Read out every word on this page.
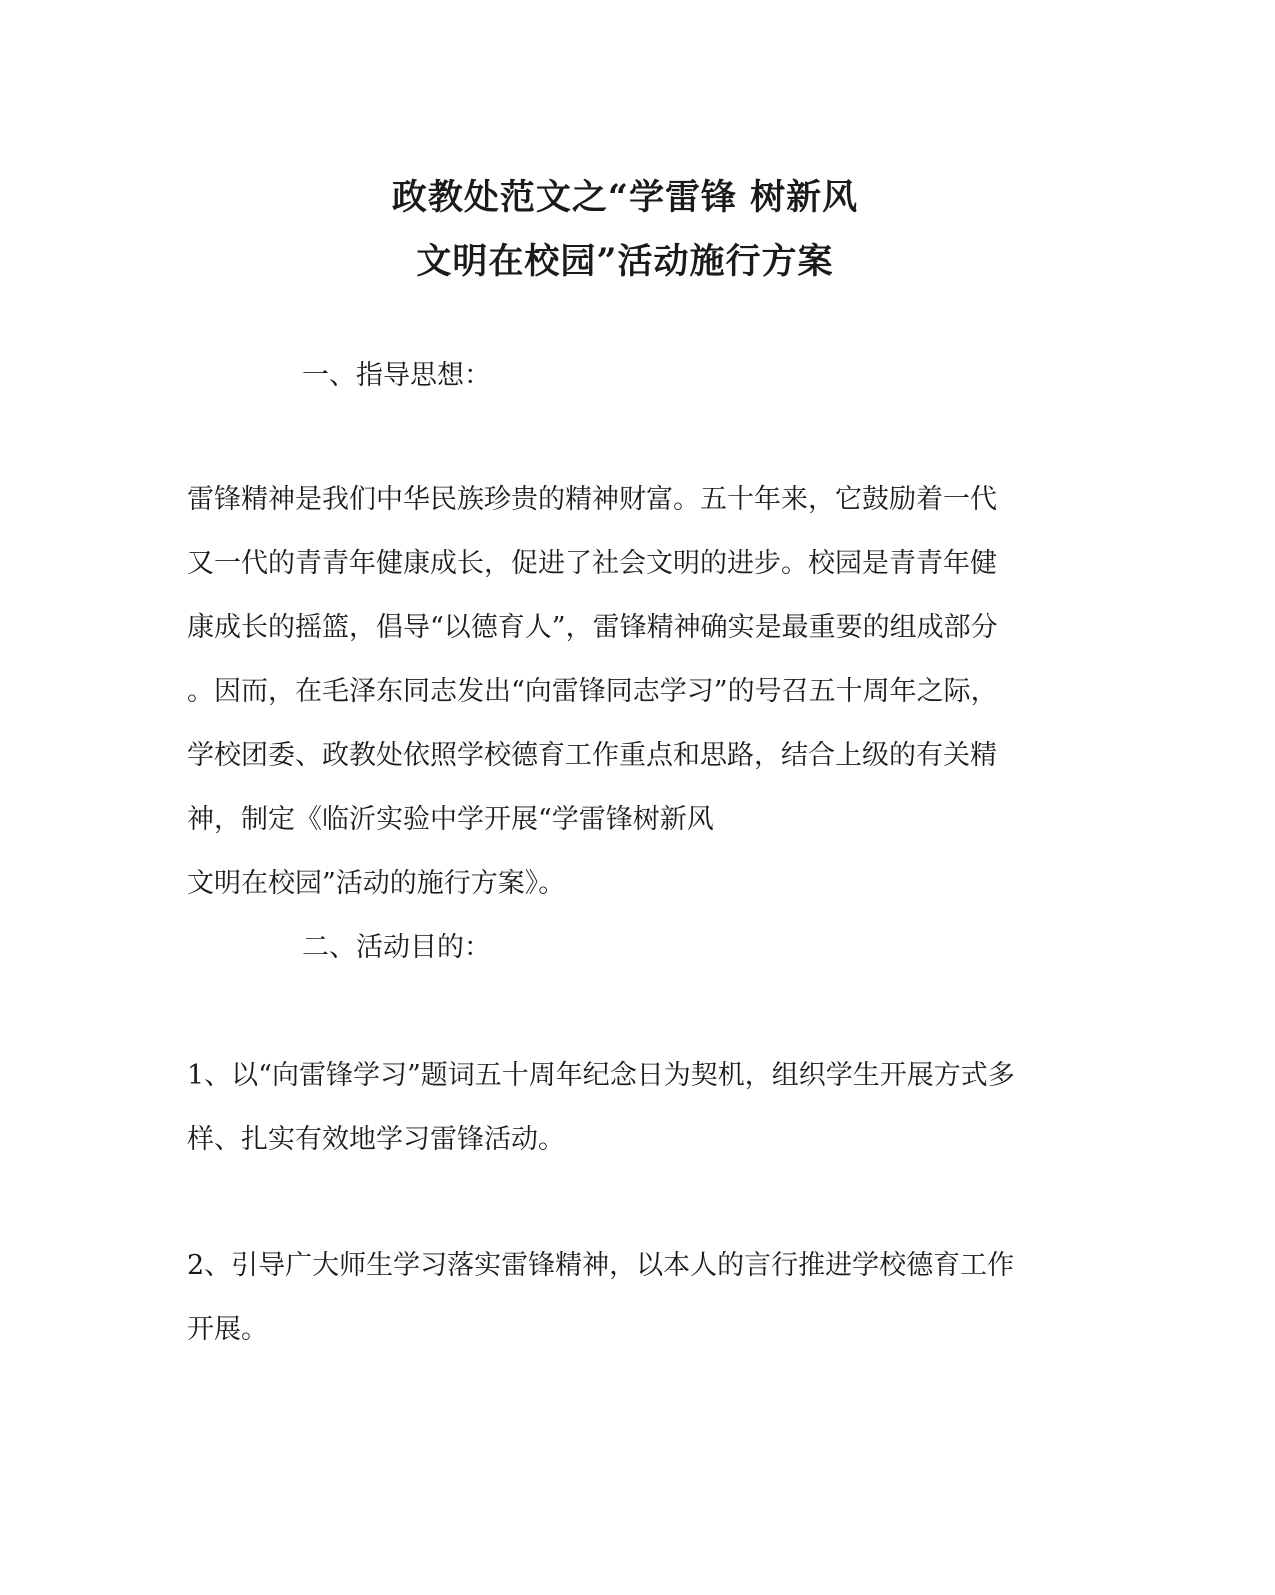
政教处范文之“学雷锋 树新风
文明在校园”活动施行方案
一、指导思想：
雷锋精神是我们中华民族珍贵的精神财富。五十年来，它鼓励着一代
又一代的青青年健康成长，促进了社会文明的进步。校园是青青年健
康成长的摇篮，倡导“以德育人”，雷锋精神确实是最重要的组成部分
。因而，在毛泽东同志发出“向雷锋同志学习”的号召五十周年之际，
学校团委、政教处依照学校德育工作重点和思路，结合上级的有关精
神，制定《临沂实验中学开展“学雷锋树新风
文明在校园”活动的施行方案》。
二、活动目的：
1、以“向雷锋学习”题词五十周年纪念日为契机，组织学生开展方式多
样、扎实有效地学习雷锋活动。
2、引导广大师生学习落实雷锋精神，以本人的言行推进学校德育工作
开展。
